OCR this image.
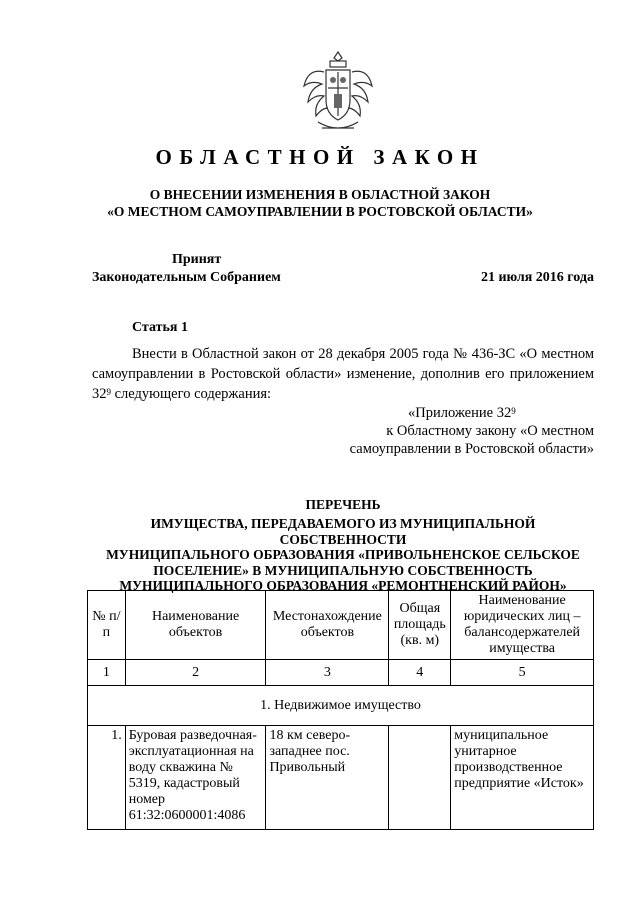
ОБЛАСТНОЙ ЗАКОН
О ВНЕСЕНИИ ИЗМЕНЕНИЯ В ОБЛАСТНОЙ ЗАКОН
«О МЕСТНОМ САМОУПРАВЛЕНИИ В РОСТОВСКОЙ ОБЛАСТИ»
Принят
Законодательным Собранием	21 июля 2016 года
Статья 1
Внести в Областной закон от 28 декабря 2005 года № 436-ЗС «О местном самоуправлении в Ростовской области» изменение, дополнив его приложением $32^9$ следующего содержания:
«Приложение $32^9$
к Областному закону «О местном
самоуправлении в Ростовской области»
ПЕРЕЧЕНЬ
ИМУЩЕСТВА, ПЕРЕДАВАЕМОГО ИЗ МУНИЦИПАЛЬНОЙ СОБСТВЕННОСТИ
МУНИЦИПАЛЬНОГО ОБРАЗОВАНИЯ «ПРИВОЛЬНЕНСКОЕ СЕЛЬСКОЕ
ПОСЕЛЕНИЕ» В МУНИЦИПАЛЬНУЮ СОБСТВЕННОСТЬ
МУНИЦИПАЛЬНОГО ОБРАЗОВАНИЯ «РЕМОНТНЕНСКИЙ РАЙОН»
№ п/п	Наименование объектов	Местонахождение объектов	Общая площадь (кв. м)	Наименование юридических лиц – балансодержателей имущества
1	2	3	4	5
1. Недвижимое имущество				
1.	Буровая разведочная-эксплуатационная на воду скважина № 5319, кадастровый номер 61:32:0600001:4086	18 км северо-западнее пос. Привольный		муниципальное унитарное производственное предприятие «Исток»
